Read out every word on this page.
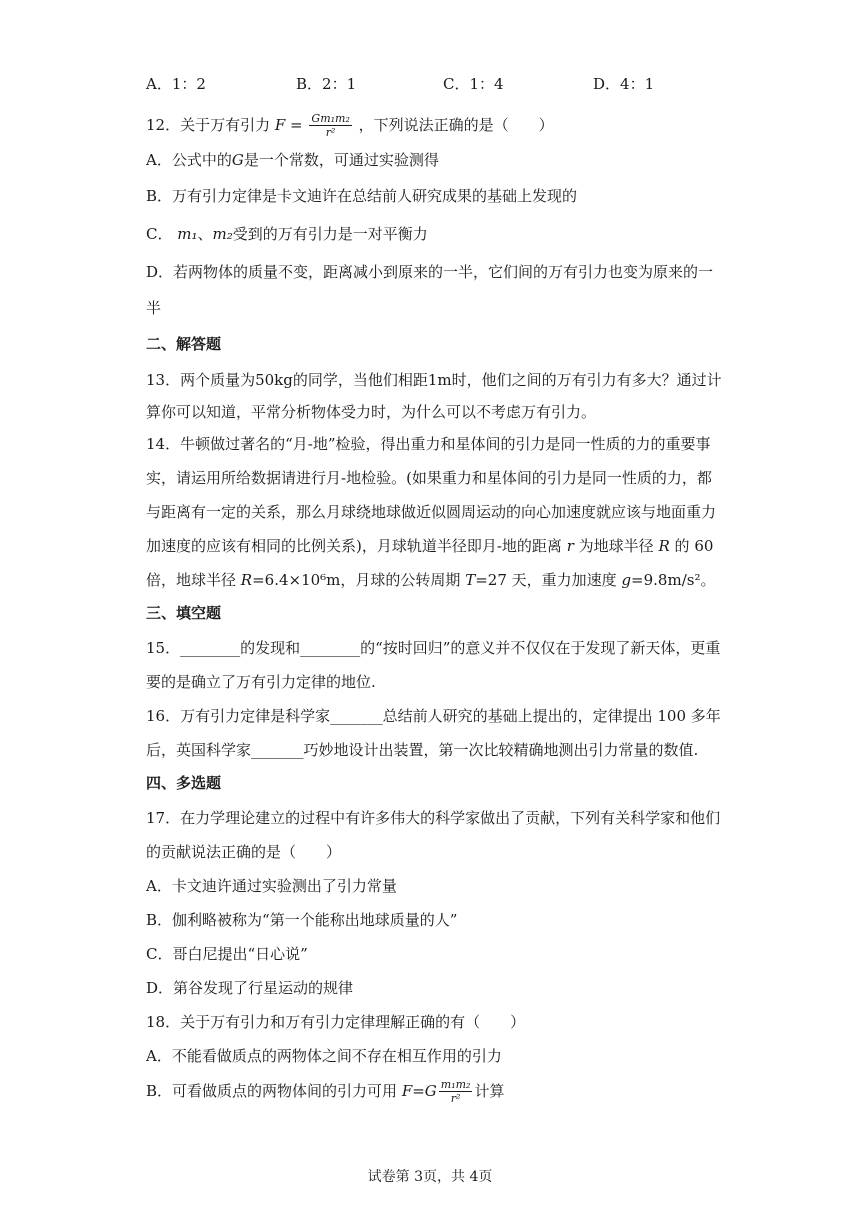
A．1：2	B．2：1	C．1：4	D．4：1
12．关于万有引力 $F = \frac{\text{Gm₁m₂}}{\text{r²}}$ ，下列说法正确的是（　　）
A．公式中的G是一个常数，可通过实验测得
B．万有引力定律是卡文迪许在总结前人研究成果的基础上发现的
C． m₁、m₂受到的万有引力是一对平衡力
D．若两物体的质量不变，距离减小到原来的一半，它们间的万有引力也变为原来的一
半
二、解答题
13．两个质量为50kg的同学，当他们相距1m时，他们之间的万有引力有多大？通过计
算你可以知道，平常分析物体受力时，为什么可以不考虑万有引力。
14．牛顿做过著名的“月-地”检验，得出重力和星体间的引力是同一性质的力的重要事
实，请运用所给数据请进行月-地检验。(如果重力和星体间的引力是同一性质的力，都
与距离有一定的关系，那么月球绕地球做近似圆周运动的向心加速度就应该与地面重力
加速度的应该有相同的比例关系)，月球轨道半径即月-地的距离 r 为地球半径 R 的 60
倍，地球半径 R=6.4×10⁶m，月球的公转周期 T=27 天，重力加速度 g=9.8m/s²。
三、填空题
15．________的发现和________的“按时回归”的意义并不仅仅在于发现了新天体，更重
要的是确立了万有引力定律的地位.
16．万有引力定律是科学家_______总结前人研究的基础上提出的，定律提出 100 多年
后，英国科学家_______巧妙地设计出装置，第一次比较精确地测出引力常量的数值.
四、多选题
17．在力学理论建立的过程中有许多伟大的科学家做出了贡献，下列有关科学家和他们
的贡献说法正确的是（　　）
A．卡文迪许通过实验测出了引力常量
B．伽利略被称为“第一个能称出地球质量的人”
C．哥白尼提出“日心说”
D．第谷发现了行星运动的规律
18．关于万有引力和万有引力定律理解正确的有（　　）
A．不能看做质点的两物体之间不存在相互作用的引力
B．可看做质点的两物体间的引力可用 $F=G \frac{\text{m₁m₂}}{\text{r²}}$ 计算
试卷第 3页，共 4页
